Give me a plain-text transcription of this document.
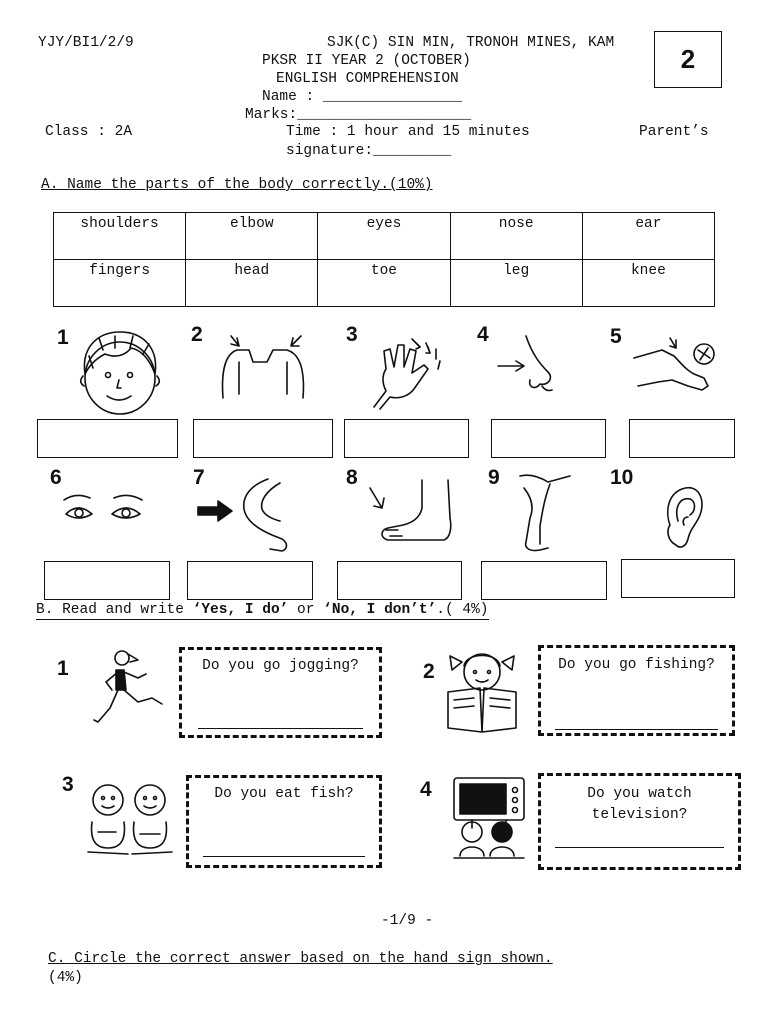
YJY/BI1/2/9	SJK(C) SIN MIN, TRONOH MINES, KAM
PKSR II YEAR 2 (OCTOBER)
ENGLISH COMPREHENSION
Name : ________________
Marks:____________________
Class : 2A	Time : 1 hour and 15 minutes	Parent’s
signature:_________
2
A. Name the parts of the body correctly.(10%)
shoulders	elbow	eyes	nose	ear
fingers	head	toe	leg	knee
1	2	3	4	5
6	7	8	9	10
B. Read and write ‘Yes, I do’ or ‘No, I don’t’.( 4%)
1	Do you go jogging?	2	Do you go fishing?
3	Do you eat fish?	4	Do you watch television?
-1/9 -
C. Circle the correct answer based on the hand sign shown.
(4%)
